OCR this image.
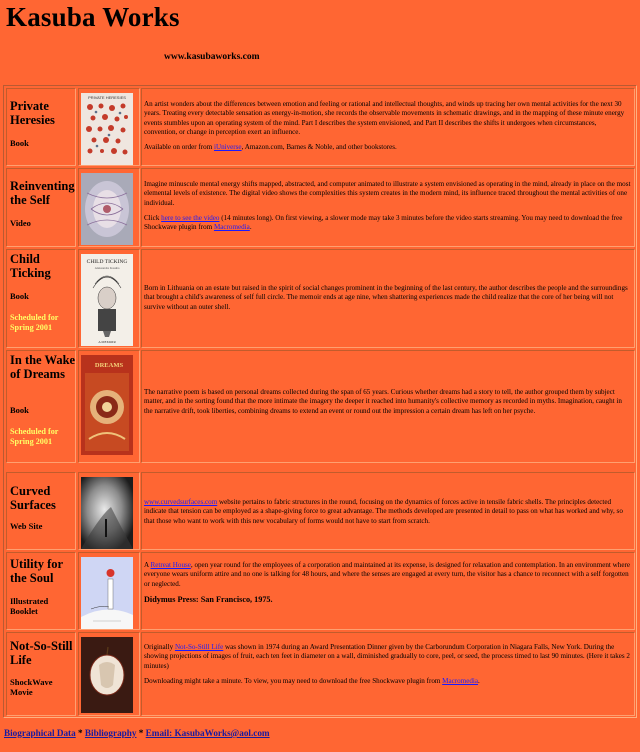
Kasuba Works
www.kasubaworks.com
Private Heresies
Book
PRIVATE HERESIES

An artist wonders about the differences between emotion and feeling or rational and intellectual thoughts, and winds up tracing her own mental activities for the next 30 years. Treating every detectable sensation as energy-in-motion, she records the observable movements in schematic drawings, and in the mapping of these minute energy events stumbles upon an operating system of the mind. Part I describes the system envisioned, and Part II describes the shifts it undergoes when circumstances, convention, or change in perception exert an influence.

Available on order from iUniverse, Amazon.com, Barnes & Noble, and other bookstores.

Reinventing the Self
Video

Imagine minuscule mental energy shifts mapped, abstracted, and computer animated to illustrate a system envisioned as operating in the mind, already in place on the most elemental levels of existence. The digital video shows the complexities this system creates in the modern mind, its influence traced throughout the mental activities of one individual.

Click here to see the video (14 minutes long). On first viewing, a slower mode may take 3 minutes before the video starts streaming. You may need to download the free Shockwave plugin from Macromedia.

Child Ticking
Book
Scheduled for Spring 2001
CHILD TICKING
Aleksandra Kasuba
A MEMOIR

Born in Lithuania on an estate but raised in the spirit of social changes prominent in the beginning of the last century, the author describes the people and the surroundings that brought a child's awareness of self full circle. The memoir ends at age nine, when shattering experiences made the child realize that the core of her being will not survive without an outer shell.

In the Wake of Dreams
Book
Scheduled for Spring 2001
DREAMS

The narrative poem is based on personal dreams collected during the span of 65 years. Curious whether dreams had a story to tell, the author grouped them by subject matter, and in the sorting found that the more intimate the imagery the deeper it reached into humanity's collective memory as recorded in myths. Imagination, caught in the narrative drift, took liberties, combining dreams to extend an event or round out the impression a certain dream has left on her psyche.

Curved Surfaces
Web Site

www.curvedsurfaces.com website pertains to fabric structures in the round, focusing on the dynamics of forces active in tensile fabric shells. The principles detected indicate that tension can be employed as a shape-giving force to great advantage. The methods developed are presented in detail to pass on what has worked and why, so that those who want to work with this new vocabulary of forms would not have to start from scratch.

Utility for the Soul
Illustrated Booklet

A Retreat House, open year round for the employees of a corporation and maintained at its expense, is designed for relaxation and contemplation. In an environment where everyone wears uniform attire and no one is talking for 48 hours, and where the senses are engaged at every turn, the visitor has a chance to reconnect with a self forgotten or neglected.

Didymus Press: San Francisco, 1975.

Not-So-Still Life
ShockWave Movie

Originally Not-So-Still Life was shown in 1974 during an Award Presentation Dinner given by the Carborundum Corporation in Niagara Falls, New York. During the showing projections of images of fruit, each ten feet in diameter on a wall, diminished gradually to core, peel, or seed, the process timed to last 90 minutes. (Here it takes 2 minutes)

Downloading might take a minute. To view, you may need to download the free Shockwave plugin from Macromedia.

Biographical Data * Bibliography * Email: KasubaWorks@aol.com
